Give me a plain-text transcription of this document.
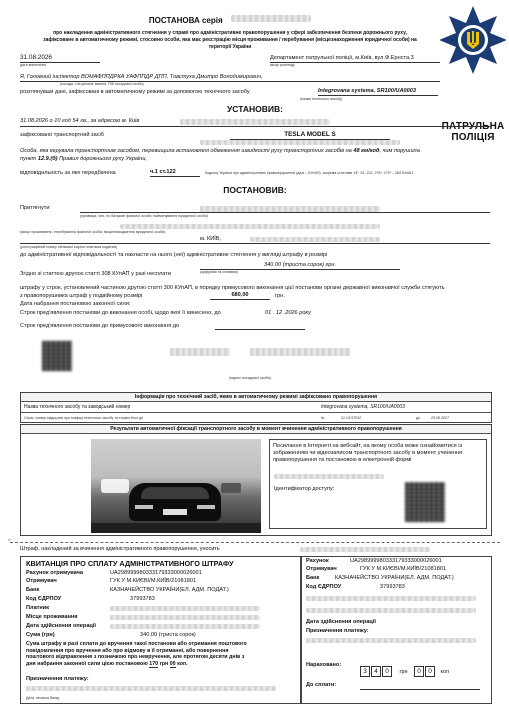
ПАТРУЛЬНА ПОЛІЦІЯ
ПОСТАНОВА серія
про накладення адміністративного стягнення у справі про адміністративне правопорушення у сфері забезпечення безпеки дорожнього руху,
зафіксоване в автоматичному режимі, стосовно особи, яка має реєстрацію місця проживання / перебування (місцезнаходження юридичної особи) на
території України
31.08.2026
дата винесення
Департамент патрульної поліції, м.Київ, вул.Ф.Ернста,3
місце розгляду
Я, Головний інспектор ВОМАФППДРКА УАФППДР ДПП, Товстуха Дмитро Володимирович,
(посада, спеціальне звання, ПІБ посадової особи)
розглянувши дані, зафіксовані в автоматичному режимі за допомогою технічного засобу	Integrovana systema, SR100/UA0003
(назва технічного засобу)
УСТАНОВИВ:
31.08.2026 о 10 год 54 хв., за адресою м. Київ
зафіксовано транспортний засіб	TESLA MODEL S
Особа, яка керувала транспортним засобом, перевищила встановлені обмеження швидкості руху транспортних засобів на 48 км/год, чим порушила
пункт 12.9.(б) Правил дорожнього руху України,
відповідальність за яке передбачена	ч.1 ст.122	Кодексу України про адміністративні правопорушення (далі – КУпАП), зокрема статтями 14¹, 51, 222, 276¹, 279¹ – 284 КУпАП.
ПОСТАНОВИВ:
Притягнути
(прізвище, ім'я, по батькові фізичної особи; найменування юридичної особи)
(місце проживання / перебування фізичної особи; місцезнаходження юридичної особи)
м. КИЇВ,
(реєстраційний номер облікової картки платника податків)
до адміністративної відповідальності та накласти на нього (неї) адміністративне стягнення у вигляді штрафу в розмірі
340.00 (триста сорок) грн.
(цифрами та словами)
Згідно зі статтею другою статті 308 КУпАП у разі несплати
штрафу у строк, установлений частиною другою статті 300 КУпАП, в порядку примусового виконання цієї постанови органи державної виконавчої служби стягують
з правопорушника штраф у подвійному розмірі	680,00	грн.
Дата набрання постановою законної сили:
Строк пред'явлення постанови до виконання особі, щодо якої її винесено, до	01 . 12 .2026 року
Строк пред'явлення постанови до примусового виконання до
(підпис посадової особи)
Інформація про технічний засіб, яким в автоматичному режимі зафіксовано правопорушення
Назва технічного засобу та заводський номер	Integrovana systema, SR100/UA0003
Серія, номер свідоцтва про повірку технічного засобу та термін його дії	№	22-01/37032	до	25.08.2027
Результати автоматичної фіксації транспортного засобу в момент вчинення адміністративного правопорушення
Посилання в Інтернеті на вебсайт, на якому особа може ознайомитися із зображенням чи відеозаписом транспортного засобу в момент учинення правопорушення та постановою в електронній формі
Ідентифікатор доступу:
✂
Штраф, накладений за вчинення адміністративного правопорушення, уносить
КВИТАНЦІЯ ПРО СПЛАТУ АДМІНІСТРАТИВНОГО ШТРАФУ
Рахунок отримувача	UA298999980333179333000026001
Отримувач	ГУК У М.КИЄВІ/М.КИЇВ/21081801
Банк	КАЗНАЧЕЙСТВО УКРАЇНИ(ЕЛ. АДМ. ПОДАТ.)
Код ЄДРПОУ	37993783
Платник
Місце проживання
Дата здійснення операції
Сума (грн)	340.00 (триста сорок)
Сума штрафу в разі сплати до вручення такої постанови або отримання поштового
повідомлення про вручення або про відмову в її отриманні, або повернення
поштового відправлення з позначкою про невручення, але протягом десяти днів з
дня набрання законної сили цією постановою 170 грн 00 коп.
Призначення платежу:
Дата, печатка банку
Рахунок	UA298999980333179333000026001
Отримувач	ГУК У М.КИЄВІ/М.КИЇВ/21081801
Банк	КАЗНАЧЕЙСТВО УКРАЇНИ(ЕЛ. АДМ. ПОДАТ.)
Код ЄДРПОУ	37993783
Дата здійснення операції
Призначення платежу:
Нараховано:
3 4 0 грн 0 0 коп
До сплати:
